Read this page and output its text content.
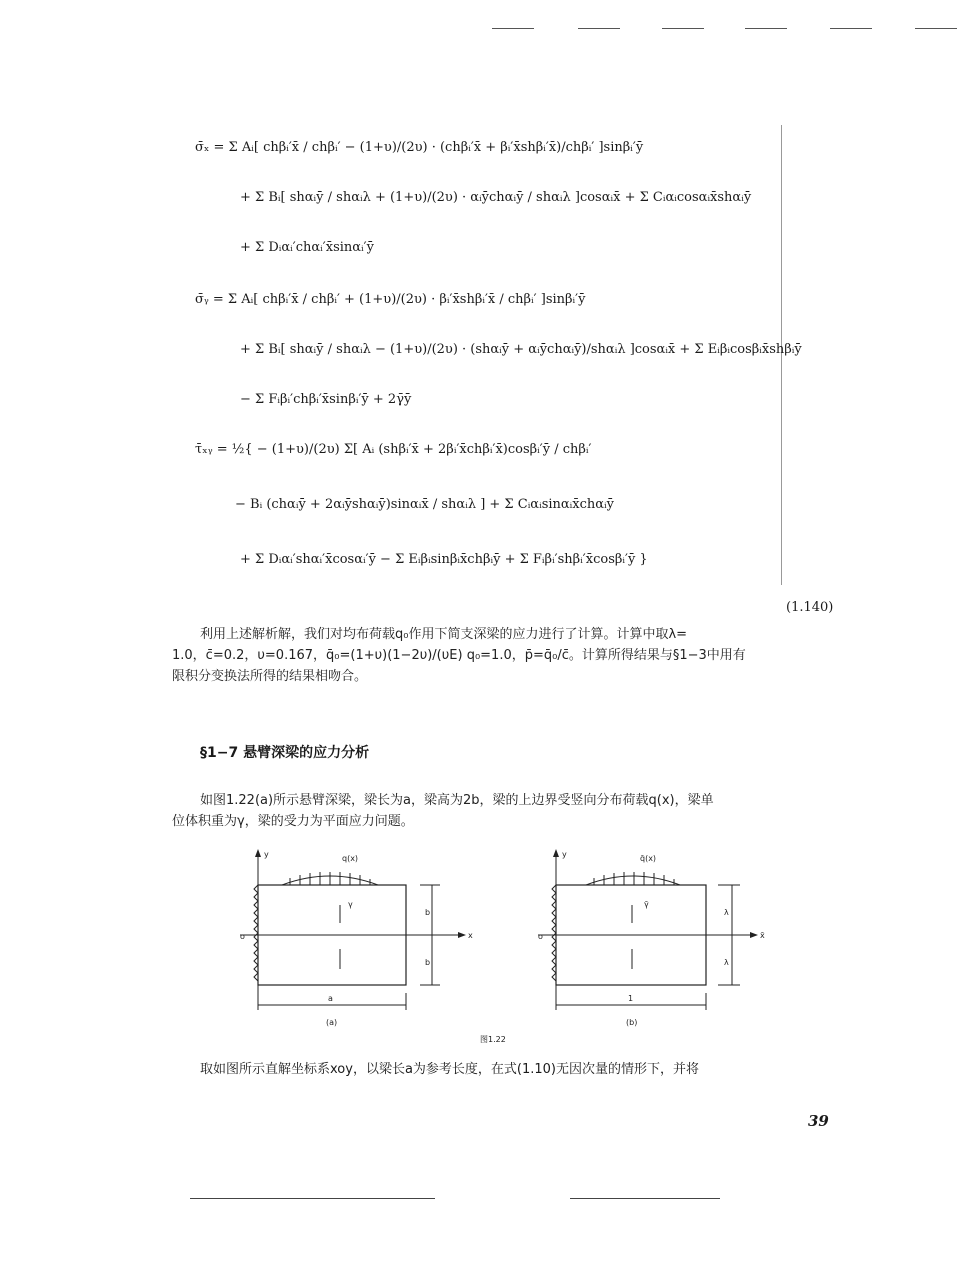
σ̄ₓ = Σ Aᵢ[ chβᵢ′x̄ / chβᵢ′ − (1+υ)/(2υ) · (chβᵢ′x̄ + βᵢ′x̄shβᵢ′x̄)/chβᵢ′ ]sinβᵢ′ȳ
+ Σ Bᵢ[ shαᵢȳ / shαᵢλ + (1+υ)/(2υ) · αᵢȳchαᵢȳ / shαᵢλ ]cosαᵢx̄ + Σ Cᵢαᵢcosαᵢx̄shαᵢȳ
+ Σ Dᵢαᵢ′chαᵢ′x̄sinαᵢ′ȳ
σ̄ᵧ = Σ Aᵢ[ chβᵢ′x̄ / chβᵢ′ + (1+υ)/(2υ) · βᵢ′x̄shβᵢ′x̄ / chβᵢ′ ]sinβᵢ′ȳ
+ Σ Bᵢ[ shαᵢȳ / shαᵢλ − (1+υ)/(2υ) · (shαᵢȳ + αᵢȳchαᵢȳ)/shαᵢλ ]cosαᵢx̄ + Σ Eᵢβᵢcosβᵢx̄shβᵢȳ
− Σ Fᵢβᵢ′chβᵢ′x̄sinβᵢ′ȳ + 2γ̄ȳ
τ̄ₓᵧ = ½{ − (1+υ)/(2υ) Σ[ Aᵢ (shβᵢ′x̄ + 2βᵢ′x̄chβᵢ′x̄)cosβᵢ′ȳ / chβᵢ′
− Bᵢ (chαᵢȳ + 2αᵢȳshαᵢȳ)sinαᵢx̄ / shαᵢλ ] + Σ Cᵢαᵢsinαᵢx̄chαᵢȳ
+ Σ Dᵢαᵢ′shαᵢ′x̄cosαᵢ′ȳ − Σ Eᵢβᵢsinβᵢx̄chβᵢȳ + Σ Fᵢβᵢ′shβᵢ′x̄cosβᵢ′ȳ }
(1.140)

利用上述解析解，我们对均布荷载q₀作用下简支深梁的应力进行了计算。计算中取λ=

1.0，c̄=0.2，υ=0.167，q̄₀=(1+υ)(1−2υ)/(υE) q₀=1.0，p̄=q̄₀/c̄。计算所得结果与§1−3中用有

限积分变换法所得的结果相吻合。

§1−7 悬臂深梁的应力分析

如图1.22(a)所示悬臂深梁，梁长为a，梁高为2b，梁的上边界受竖向分布荷载q(x)，梁单

位体积重为γ，梁的受力为平面应力问题。

y	q(x)
x
o
γ
b
b
a
(a)
y	q̄(x)
x̄
o
γ̄
λ
λ
1
(b)
图1.22
取如图所示直解坐标系xoy，以梁长a为参考长度，在式(1.10)无因次量的情形下，并将
39
